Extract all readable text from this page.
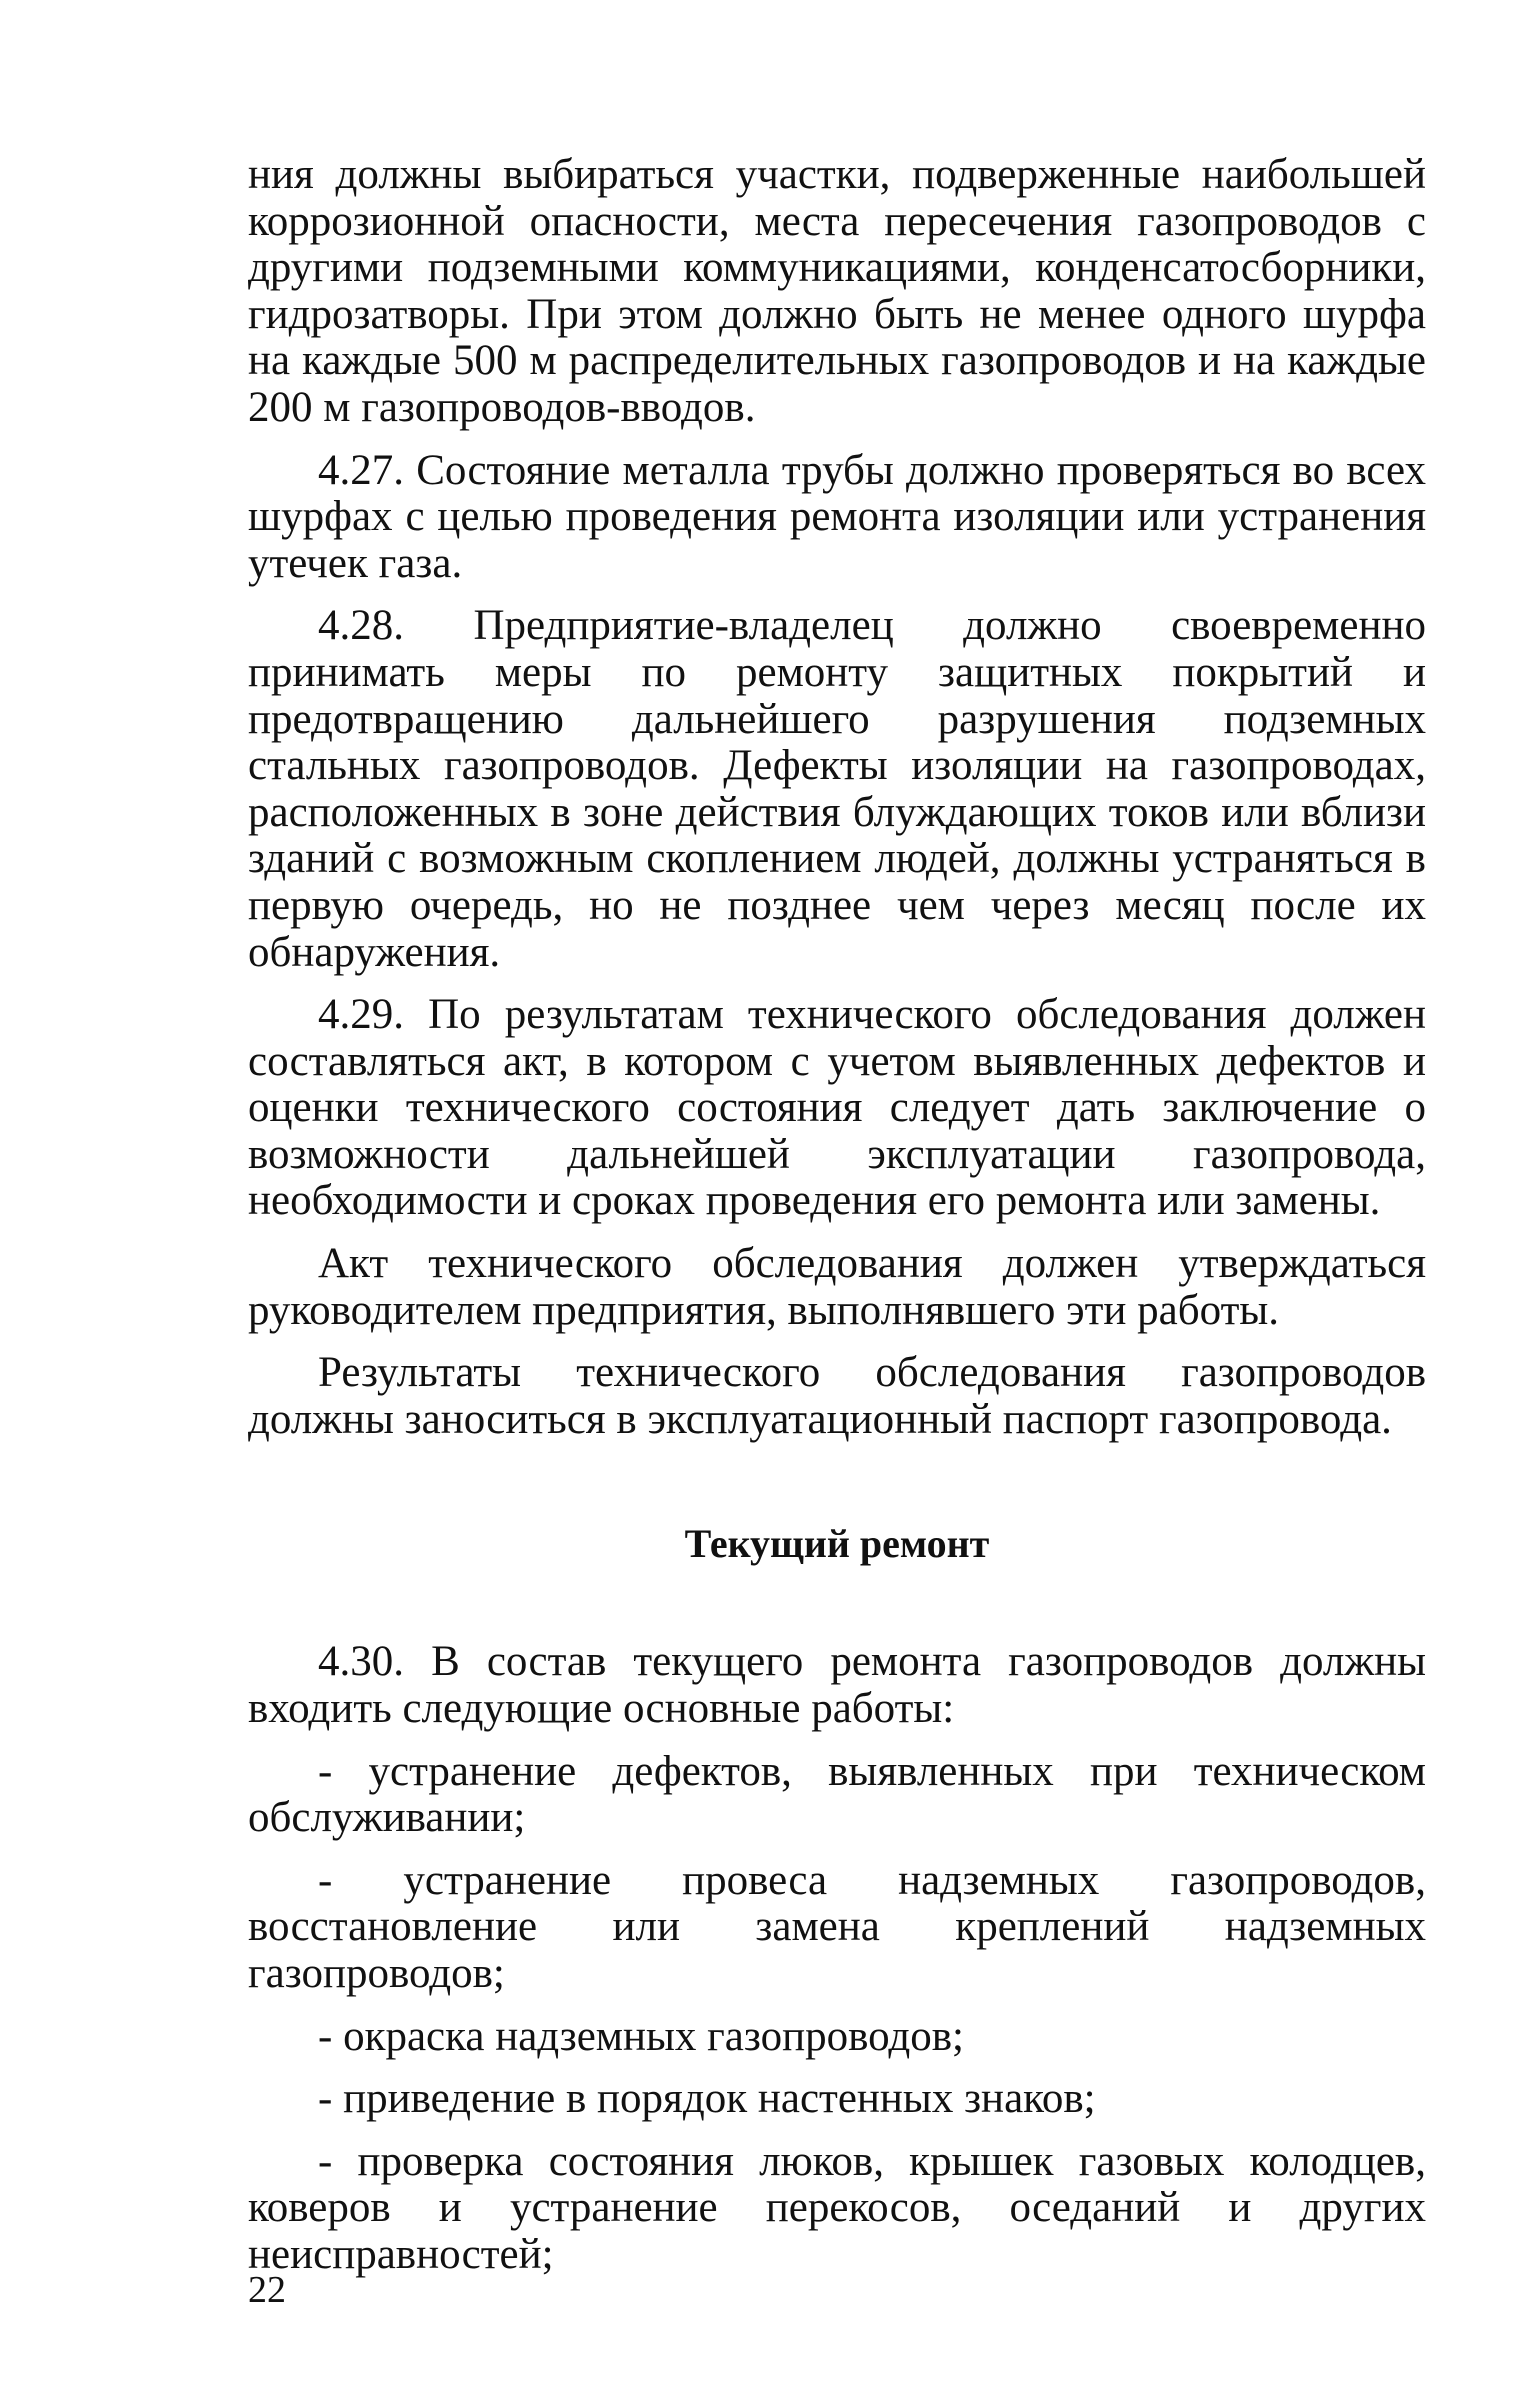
ния должны выбираться участки, подверженные наибольшей коррозионной опасности, места пересечения газопроводов с другими подземными коммуникациями, конденсатосборники, гидрозатворы. При этом должно быть не менее одного шурфа на каждые 500 м распределительных газопроводов и на каждые 200 м газопроводов-вводов.

4.27. Состояние металла трубы должно проверяться во всех шурфах с целью проведения ремонта изоляции или устранения утечек газа.

4.28. Предприятие-владелец должно своевременно принимать меры по ремонту защитных покрытий и предотвращению дальнейшего разрушения подземных стальных газопроводов. Дефекты изоляции на газопроводах, расположенных в зоне действия блуждающих токов или вблизи зданий с возможным скоплением людей, должны устраняться в первую очередь, но не позднее чем через месяц после их обнаружения.

4.29. По результатам технического обследования должен составляться акт, в котором с учетом выявленных дефектов и оценки технического состояния следует дать заключение о возможности дальнейшей эксплуатации газопровода, необходимости и сроках проведения его ремонта или замены.

Акт технического обследования должен утверждаться руководителем предприятия, выполнявшего эти работы.

Результаты технического обследования газопроводов должны заноситься в эксплуатационный паспорт газопровода.

Текущий ремонт

4.30. В состав текущего ремонта газопроводов должны входить следующие основные работы:

- устранение дефектов, выявленных при техническом обслуживании;

- устранение провеса надземных газопроводов, восстановление или замена креплений надземных газопроводов;

- окраска надземных газопроводов;

- приведение в порядок настенных знаков;

- проверка состояния люков, крышек газовых колодцев, коверов и устранение перекосов, оседаний и других неисправностей;

22
